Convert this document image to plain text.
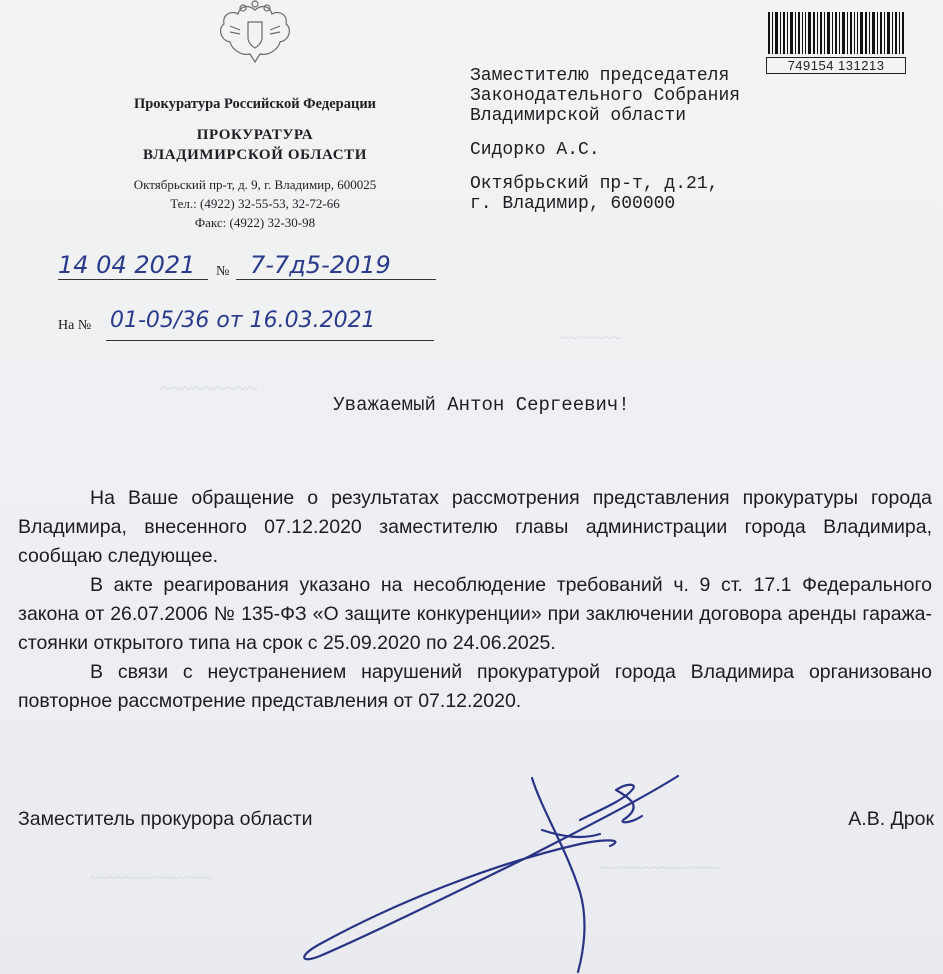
~~~~~~~
~~~~~~~~~
~~~~~~~~~~~~~~
~~~~~~~~~~~~~~
Прокуратура Российской Федерации
ПРОКУРАТУРА
ВЛАДИМИРСКОЙ ОБЛАСТИ
Октябрьский пр-т, д. 9, г. Владимир, 600025
Тел.: (4922) 32-55-53, 32-72-66
Факс: (4922) 32-30-98
749154 131213
Заместителю председателя
Законодательного Собрания
Владимирской области
Сидорко А.С.
Октябрьский пр-т, д.21,
г. Владимир, 600000
14 04 2021 № 7-7д5-2019
На № 01-05/36 от 16.03.2021
Уважаемый Антон Сергеевич!

На Ваше обращение о результатах рассмотрения представления прокуратуры города Владимира, внесенного 07.12.2020 заместителю главы администрации города Владимира, сообщаю следующее.

В акте реагирования указано на несоблюдение требований ч. 9 ст. 17.1 Федерального закона от 26.07.2006 № 135-ФЗ «О защите конкуренции» при заключении договора аренды гаража-стоянки открытого типа на срок с 25.09.2020 по 24.06.2025.

В связи с неустранением нарушений прокуратурой города Владимира организовано повторное рассмотрение представления от 07.12.2020.

Заместитель прокурора области	А.В. Дрок
